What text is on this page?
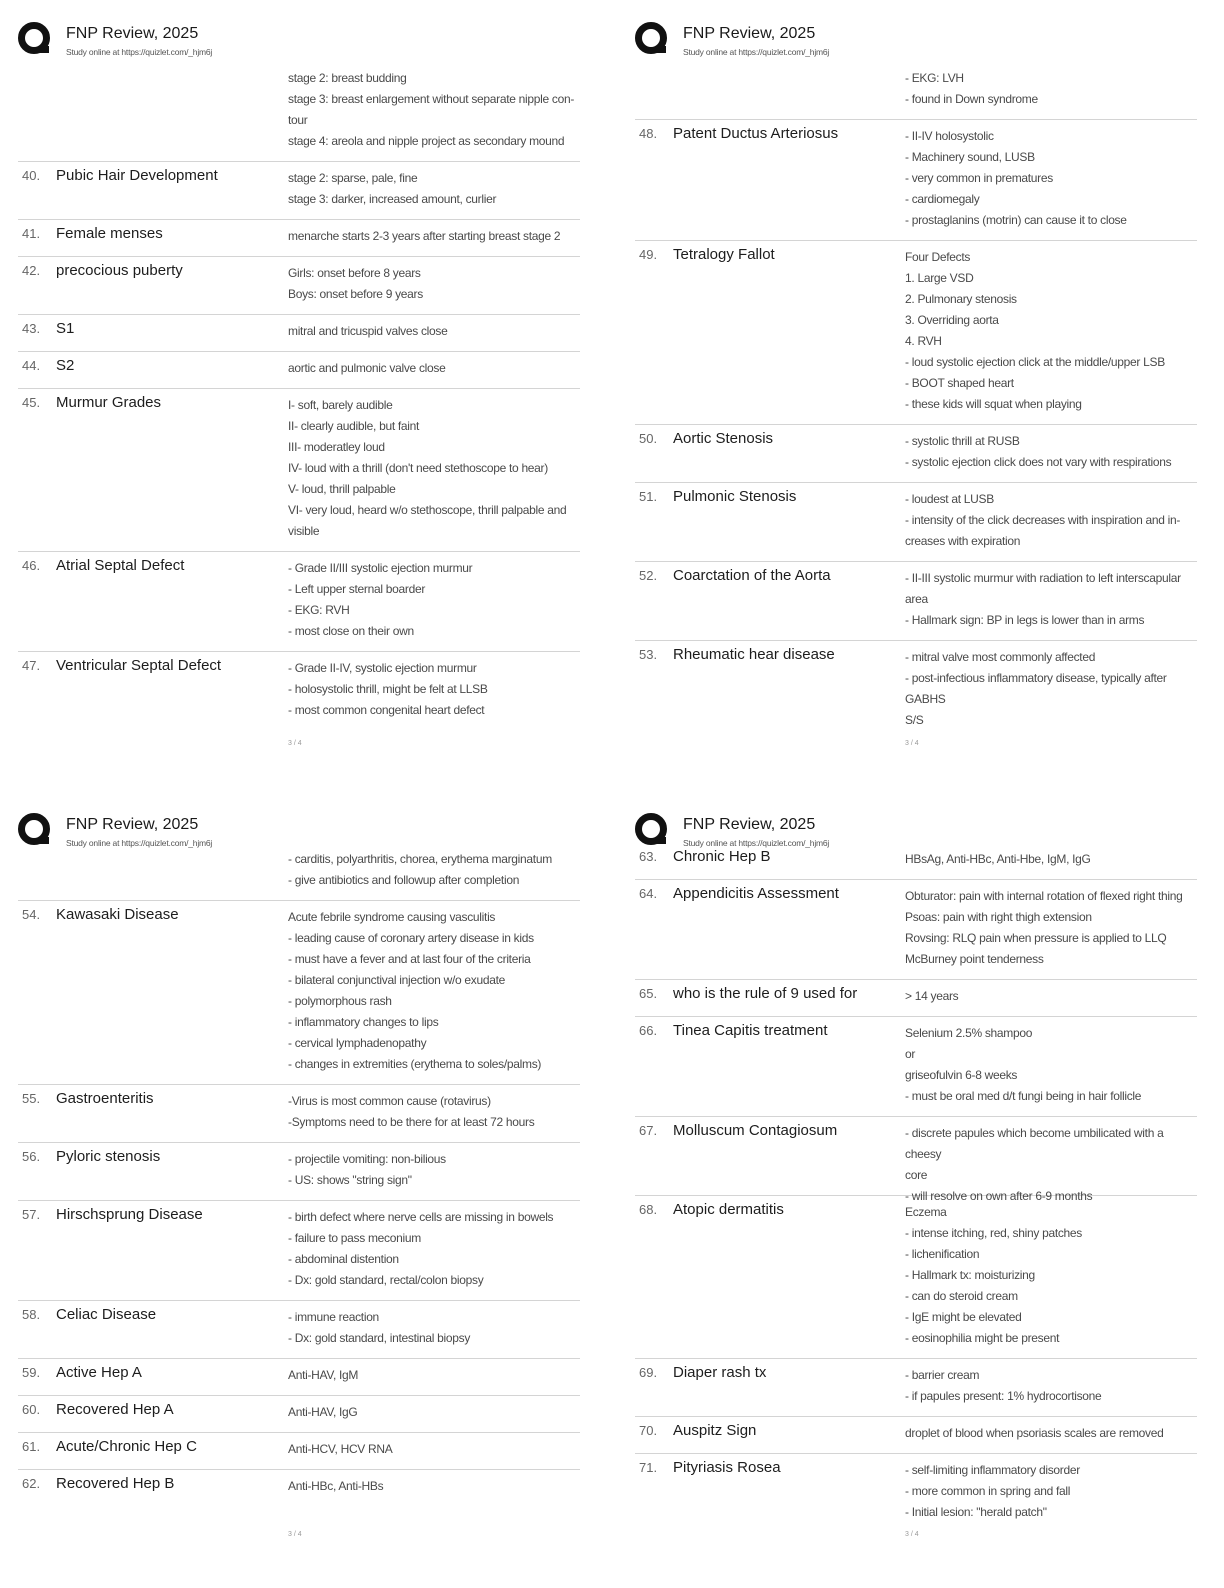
FNP Review, 2025
Study online at https://quizlet.com/_hjm6j
stage 2: breast budding
stage 3: breast enlargement without separate nipple con-
tour
stage 4: areola and nipple project as secondary mound
40. Pubic Hair Development	stage 2: sparse, pale, fine
stage 3: darker, increased amount, curlier
41. Female menses	menarche starts 2-3 years after starting breast stage 2
42. precocious puberty	Girls: onset before 8 years
Boys: onset before 9 years
43. S1	mitral and tricuspid valves close
44. S2	aortic and pulmonic valve close
45. Murmur Grades	I- soft, barely audible
II- clearly audible, but faint
III- moderatley loud
IV- loud with a thrill (don't need stethoscope to hear)
V- loud, thrill palpable
VI- very loud, heard w/o stethoscope, thrill palpable and
visible
46. Atrial Septal Defect	- Grade II/III systolic ejection murmur
- Left upper sternal boarder
- EKG: RVH
- most close on their own
47. Ventricular Septal Defect	- Grade II-IV, systolic ejection murmur
- holosystolic thrill, might be felt at LLSB
- most common congenital heart defect
3 / 4
FNP Review, 2025
Study online at https://quizlet.com/_hjm6j
- EKG: LVH
- found in Down syndrome
48. Patent Ductus Arteriosus	- II-IV holosystolic
- Machinery sound, LUSB
- very common in prematures
- cardiomegaly
- prostaglanins (motrin) can cause it to close
49. Tetralogy Fallot	Four Defects
1. Large VSD
2. Pulmonary stenosis
3. Overriding aorta
4. RVH
- loud systolic ejection click at the middle/upper LSB
- BOOT shaped heart
- these kids will squat when playing
50. Aortic Stenosis	- systolic thrill at RUSB
- systolic ejection click does not vary with respirations
51. Pulmonic Stenosis	- loudest at LUSB
- intensity of the click decreases with inspiration and in-
creases with expiration
52. Coarctation of the Aorta	- II-III systolic murmur with radiation to left interscapular
area
- Hallmark sign: BP in legs is lower than in arms
53. Rheumatic hear disease	- mitral valve most commonly affected
- post-infectious inflammatory disease, typically after
GABHS
S/S
3 / 4
FNP Review, 2025
Study online at https://quizlet.com/_hjm6j
- carditis, polyarthritis, chorea, erythema marginatum
- give antibiotics and followup after completion
54. Kawasaki Disease	Acute febrile syndrome causing vasculitis
- leading cause of coronary artery disease in kids
- must have a fever and at last four of the criteria
- bilateral conjunctival injection w/o exudate
- polymorphous rash
- inflammatory changes to lips
- cervical lymphadenopathy
- changes in extremities (erythema to soles/palms)
55. Gastroenteritis	-Virus is most common cause (rotavirus)
-Symptoms need to be there for at least 72 hours
56. Pyloric stenosis	- projectile vomiting: non-bilious
- US: shows "string sign"
57. Hirschsprung Disease	- birth defect where nerve cells are missing in bowels
- failure to pass meconium
- abdominal distention
- Dx: gold standard, rectal/colon biopsy
58. Celiac Disease	- immune reaction
- Dx: gold standard, intestinal biopsy
59. Active Hep A	Anti-HAV, IgM
60. Recovered Hep A	Anti-HAV, IgG
61. Acute/Chronic Hep C	Anti-HCV, HCV RNA
62. Recovered Hep B	Anti-HBc, Anti-HBs
3 / 4
FNP Review, 2025
Study online at https://quizlet.com/_hjm6j
63. Chronic Hep B	HBsAg, Anti-HBc, Anti-Hbe, IgM, IgG
64. Appendicitis Assessment	Obturator: pain with internal rotation of flexed right thing
Psoas: pain with right thigh extension
Rovsing: RLQ pain when pressure is applied to LLQ
McBurney point tenderness
65. who is the rule of 9 used for	> 14 years
66. Tinea Capitis treatment	Selenium 2.5% shampoo
or
griseofulvin 6-8 weeks
- must be oral med d/t fungi being in hair follicle
67. Molluscum Contagiosum	- discrete papules which become umbilicated with a cheesy
core
- will resolve on own after 6-9 months
68. Atopic dermatitis	Eczema
- intense itching, red, shiny patches
- lichenification
- Hallmark tx: moisturizing
- can do steroid cream
- IgE might be elevated
- eosinophilia might be present
69. Diaper rash tx	- barrier cream
- if papules present: 1% hydrocortisone
70. Auspitz Sign	droplet of blood when psoriasis scales are removed
71. Pityriasis Rosea	- self-limiting inflammatory disorder
- more common in spring and fall
- Initial lesion: "herald patch"
3 / 4
